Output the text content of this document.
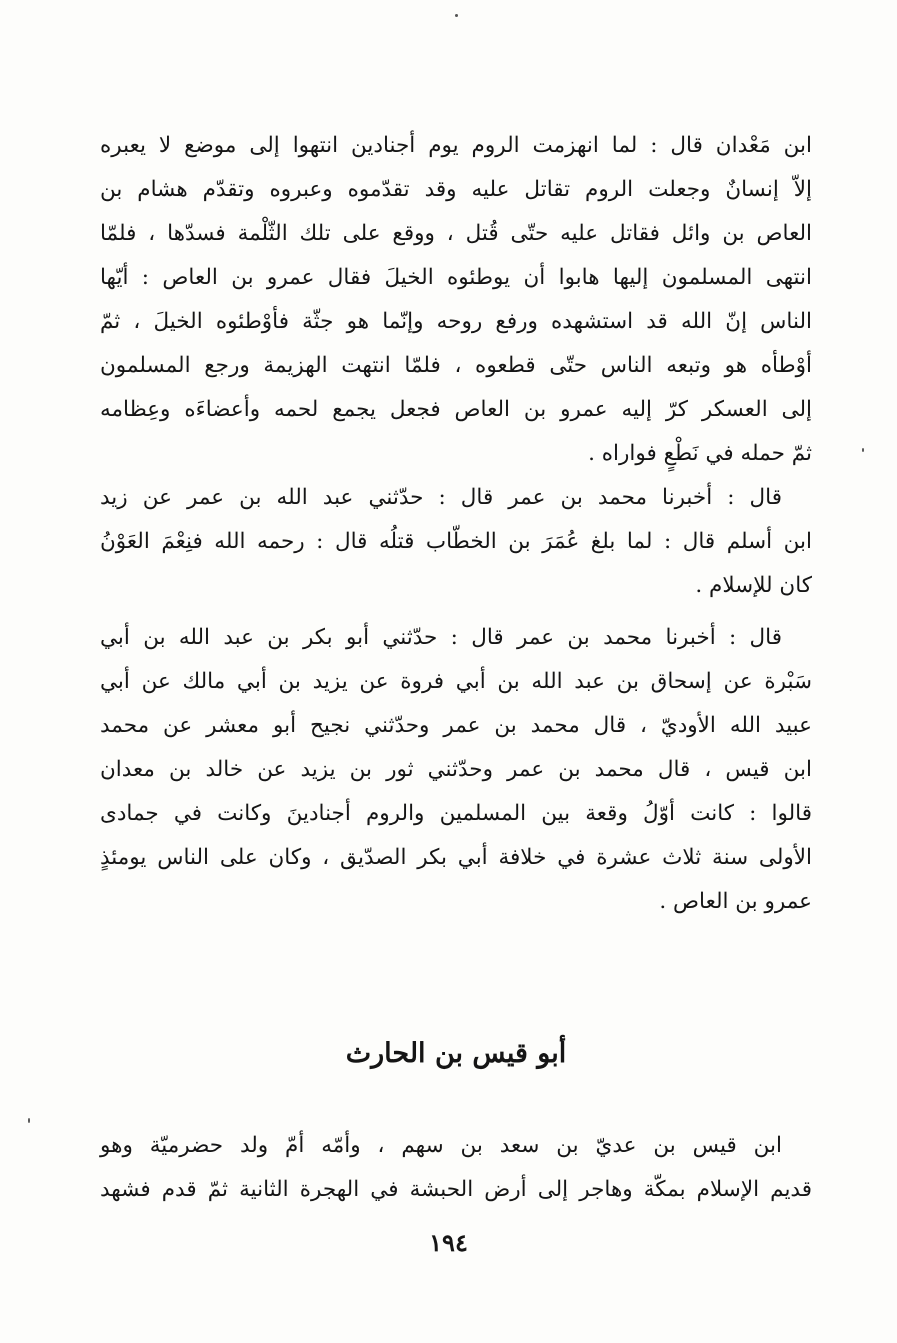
ابن مَعْدان قال : لما انهزمت الروم يوم أجنادين انتهوا إلى موضع لا يعبره
إلاّ إنسانٌ وجعلت الروم تقاتل عليه وقد تقدّموه وعبروه وتقدّم هشام بن
العاص بن وائل فقاتل عليه حتّى قُتل ، ووقع على تلك الثّلْمة فسدّها ، فلمّا
انتهى المسلمون إليها هابوا أن يوطئوه الخيلَ فقال عمرو بن العاص : أيّها
الناس إنّ الله قد استشهده ورفع روحه وإنّما هو جثّة فأوْطئوه الخيلَ ، ثمّ
أوْطأه هو وتبعه الناس حتّى قطعوه ، فلمّا انتهت الهزيمة ورجع المسلمون
إلى العسكر كرّ إليه عمرو بن العاص فجعل يجمع لحمه وأعضاءَه وعِظامه
ثمّ حمله في نَطْعٍ فواراه .
قال : أخبرنا محمد بن عمر قال : حدّثني عبد الله بن عمر عن زيد
ابن أسلم قال : لما بلغ عُمَرَ بن الخطّاب قتلُه قال : رحمه الله فنِعْمَ العَوْنُ
كان للإسلام .
قال : أخبرنا محمد بن عمر قال : حدّثني أبو بكر بن عبد الله بن أبي
سَبْرة عن إسحاق بن عبد الله بن أبي فروة عن يزيد بن أبي مالك عن أبي
عبيد الله الأوديّ ، قال محمد بن عمر وحدّثني نجيح أبو معشر عن محمد
ابن قيس ، قال محمد بن عمر وحدّثني ثور بن يزيد عن خالد بن معدان
قالوا : كانت أوّلُ وقعة بين المسلمين والروم أجنادينَ وكانت في جمادى
الأولى سنة ثلاث عشرة في خلافة أبي بكر الصدّيق ، وكان على الناس يومئذٍ
عمرو بن العاص .
أبو قيس بن الحارث
ابن قيس بن عديّ بن سعد بن سهم ، وأمّه أمّ ولد حضرميّة وهو
قديم الإسلام بمكّة وهاجر إلى أرض الحبشة في الهجرة الثانية ثمّ قدم فشهد
١٩٤
